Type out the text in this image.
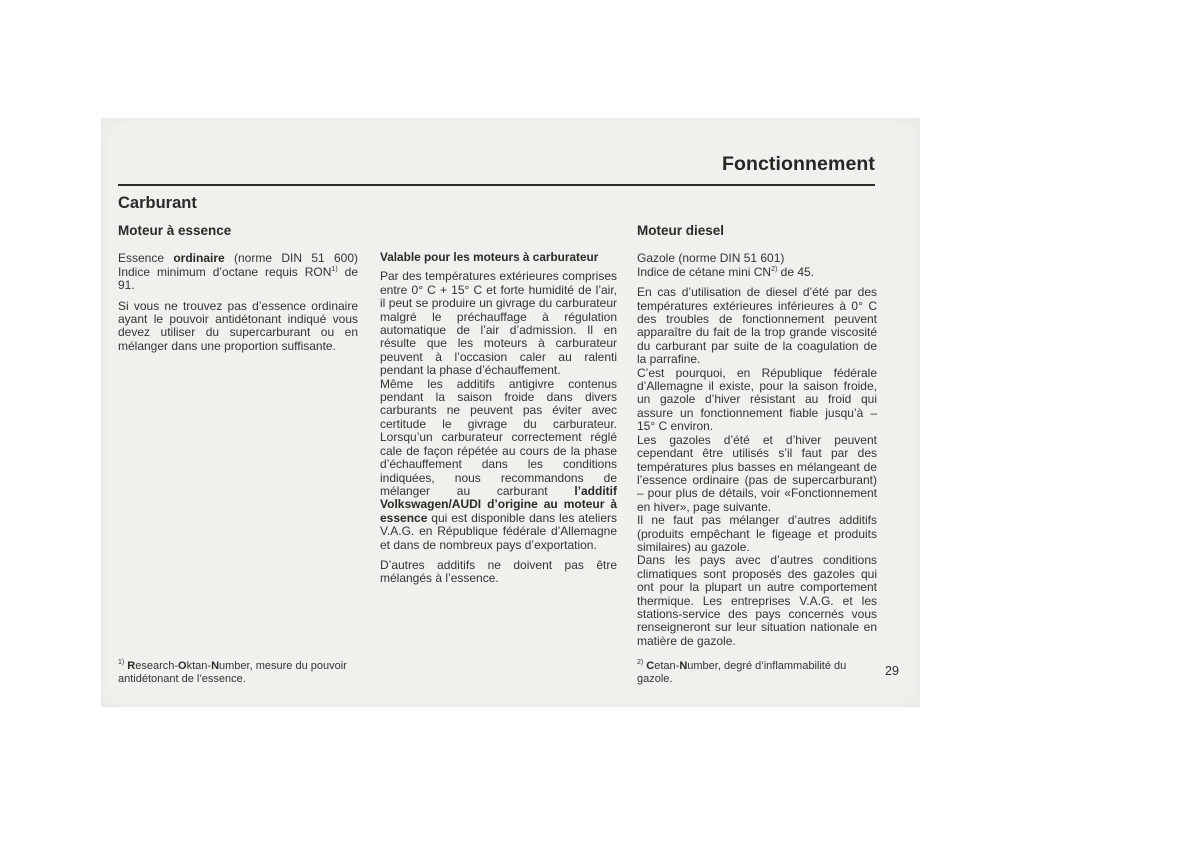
Fonctionnement
Carburant
Moteur à essence

Essence ordinaire (norme DIN 51 600) Indice minimum d’octane requis RON$^{1)}$ de 91.

Si vous ne trouvez pas d’essence ordinaire ayant le pouvoir antidétonant indiqué vous devez utiliser du supercarburant ou en mélanger dans une proportion suffisante.

Valable pour les moteurs à carburateur

Par des températures extérieures comprises entre 0° C + 15° C et forte humidité de l’air, il peut se produire un givrage du carburateur malgré le préchauffage à régulation automatique de l’air d’admission. Il en résulte que les moteurs à carburateur peuvent à l’occasion caler au ralenti pendant la phase d’échauffement.

Même les additifs antigivre contenus pendant la saison froide dans divers carburants ne peuvent pas éviter avec certitude le givrage du carburateur. Lorsqu’un carburateur correctement réglé cale de façon répétée au cours de la phase d’échauffement dans les conditions indiquées, nous recommandons de mélanger au carburant l’additif Volkswagen/AUDI d’origine au moteur à essence qui est disponible dans les ateliers V.A.G. en République fédérale d’Allemagne et dans de nombreux pays d’exportation.

D’autres additifs ne doivent pas être mélangés à l’essence.

Moteur diesel

Gazole (norme DIN 51 601)
Indice de cétane mini CN$^{2)}$ de 45.

En cas d’utilisation de diesel d’été par des températures extérieures inférieures à 0° C des troubles de fonctionnement peuvent apparaître du fait de la trop grande viscosité du carburant par suite de la coagulation de la parrafine.

C’est pourquoi, en République fédérale d’Allemagne il existe, pour la saison froide, un gazole d’hiver résistant au froid qui assure un fonctionnement fiable jusqu’à – 15° C environ.

Les gazoles d’été et d’hiver peuvent cependant être utilisés s’il faut par des températures plus basses en mélangeant de l’essence ordinaire (pas de supercarburant) – pour plus de détails, voir «Fonctionnement en hiver», page suivante.

Il ne faut pas mélanger d’autres additifs (produits empêchant le figeage et produits similaires) au gazole.

Dans les pays avec d’autres conditions climatiques sont proposés des gazoles qui ont pour la plupart un autre comportement thermique. Les entreprises V.A.G. et les stations-service des pays concernés vous renseigneront sur leur situation nationale en matière de gazole.

$^{1)}$ Research-Oktan-Number, mesure du pouvoir antidétonant de l’essence.

$^{2)}$ Cetan-Number, degré d’inflammabilité du gazole.

29
